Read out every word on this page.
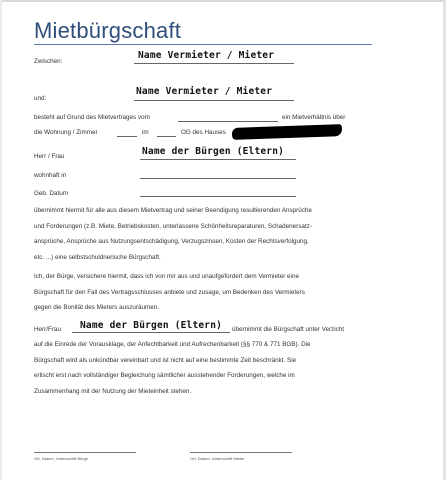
Mietbürgschaft
Zwischen:
Name Vermieter / Mieter
und:
Name Vermieter / Mieter
besteht auf Grund des Mietvertrages vom	ein Mietverhältnis über
die Wohnung / Zimmer	im	OG des Hauses
Herr / Frau	Name der Bürgen (Eltern)
wohnhaft in
Geb. Datum
übernimmt hiermit für alle aus diesem Mietvertrag und seiner Beendigung resultierenden Ansprüche
und Forderungen (z.B. Miete, Betriebskosten, unterlassene Schönheitsreparaturen, Schadenersatz-
ansprüche, Ansprüche aus Nutzungsentschädigung, Verzugszinsen, Kosten der Rechtsverfolgung,
etc. ...) eine selbstschuldnerische Bürgschaft.
Ich, der Bürge, versichere hiermit, dass ich von mir aus und unaufgefordert dem Vermieter eine
Bürgschaft für den Fall des Vertragsschlusses anbiete und zusage, um Bedenken des Vermieters
gegen die Bonität des Mieters auszuräumen.
Herr/Frau Name der Bürgen (Eltern) übernimmt die Bürgschaft unter Verzicht
auf die Einrede der Vorausklage, der Anfechtbarkeit und Aufrechenbarkeit (§§ 770 & 771 BGB). Die
Bürgschaft wird als unkündbar vereinbart und ist nicht auf eine bestimmte Zeit beschränkt. Sie
erlischt erst nach vollständiger Begleichung sämtlicher ausstehender Forderungen, welche im
Zusammenhang mit der Nutzung der Mieteinheit stehen.
Ort, Datum, Unterschrift Bürge	Ort, Datum, Unterschrift Mieter
